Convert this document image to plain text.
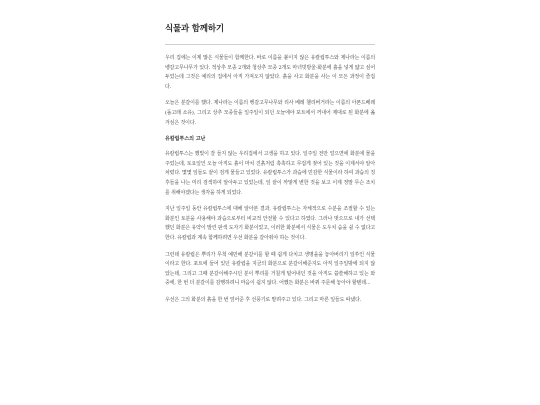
식물과 함께하기

우리 집에는 이제 많은 식물들이 함께한다. 바로 이름을 붙이지 않은 유칼립투스와 제나라는 이름의 벵갈고무나무가 있다. 적상추 모종 2개와 청상추 모종 2개도 마녀빗방울-화분에 흙을 넣게 얇고 심어두었는데 그것은 예리의 집에서 아직 가져오지 않았다. 흙을 사고 화분을 사는 이 모든 과정이 즐겁다.

오늘은 분갈이를 했다. 제나라는 이름의 벵갈고무나무와 리사 베레 챌리버거라는 이름의 아폰드베레(돌고래 소유), 그리고 상추 모종들을 일주일이 되던 오늘에야 포트에서 꺼내어 제대로 된 화분에 옮겨심은 것이다.

유칼립투스의 고난

유칼립투스는 했빛이 잘 들지 않는 우리집에서 고생을 하고 있다. 일주일 전만 얼으면에 화분에 물을 주었는데, 토요일인 오늘 아직도 흙이 마치 진흙처럼 촉촉하고 무겁게 젖어 있는 것을 이제서야 알아차렸다. 몇몇 잎들도 끝이 검게 물들고 있었다. 유칼립투스가 과습에 민감한 식물이라 하여 과습의 징후들을 나는 미리 검색하여 알아두고 있었는데, 잎 끝이 까맣게 변한 것을 보고 이제 정말 무슨 조치를 취해야겠다는 생각을 하게 되었다.

지난 일주일 동안 유칼립투스에 대해 알아본 결과, 유칼립투스는 자체적으로 수분을 조절할 수 있는 화분인 토분을 사용해야 과습으로부터 비교적 안전할 수 있다고 하였다. 그러나 벗으므로 내가 선택했던 화분은 유약이 발린 판색 도자기 화분이었고, 이러한 화분에서 식물은 도우치 숨을 쉴 수 없다고 한다. 유칼립과 계속 함께하려면 우선 화분을 갈아줘야 하는 것이다.

그런데 유칼립은 뿌리가 무척 예민해 분갈이를 할 때 쉽게 다치고 생명을을 놓아버리기 일쑤인 식물이라고 한다. 포트에 들어 있던 유칼립을 지금의 화분으로 분갈이해준지도 아직 일주일밖에 되지 않았는데, 그리고 그때 분갈이해주시던 분이 뿌리를 거칠게 털어내던 것을 아직도 씁쓸해하고 있는 와중에, 한 번 더 분갈이를 감행하려니 마음이 쉽지 않다. 어쨌든 화분은 바꿔 주문해 놓아야 할텐데...

우선은 그의 화분의 흙을 한 번 엎어준 후 선풍기로 말려주고 있다. 그리고 마른 잎들도 따냈다.
